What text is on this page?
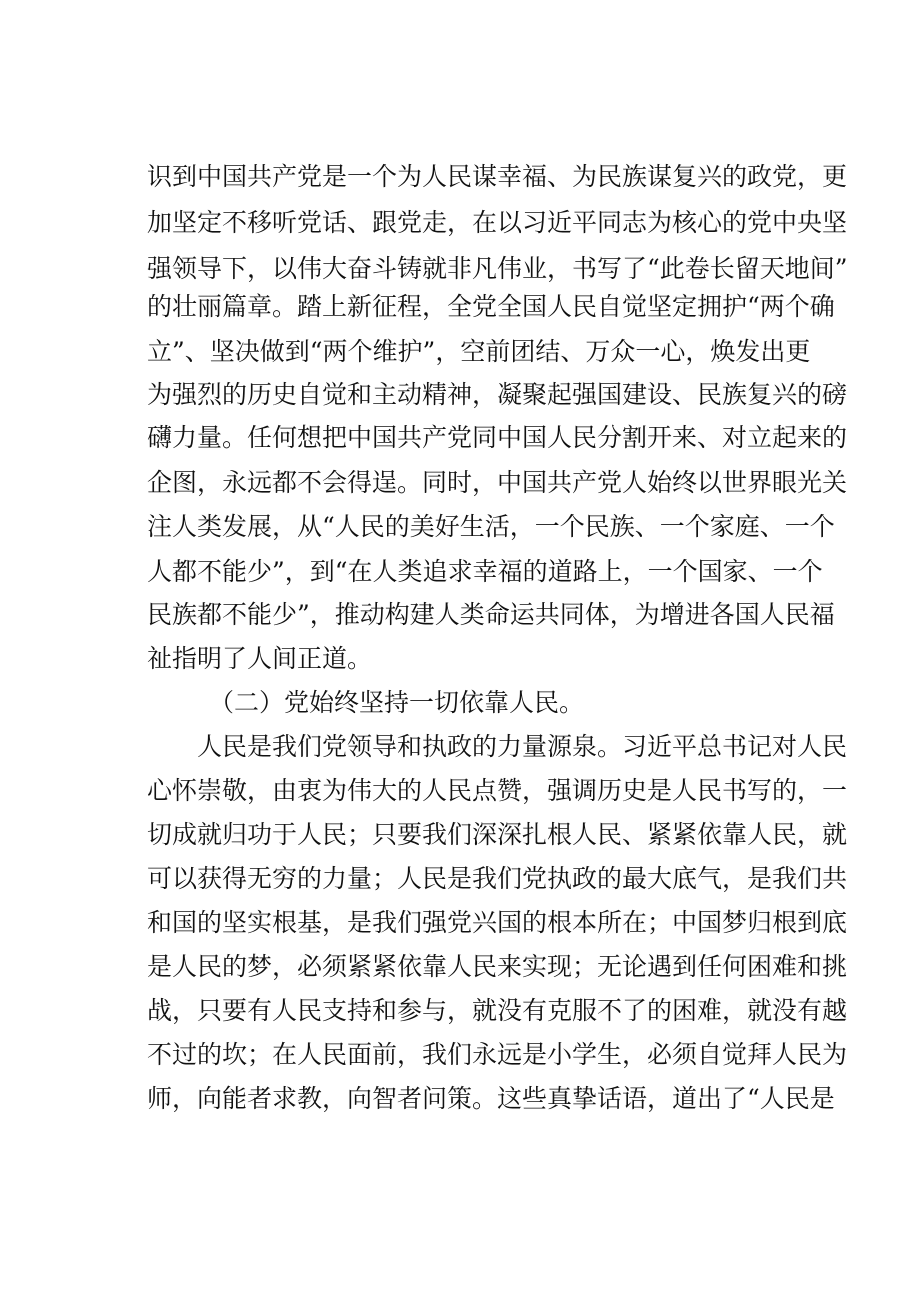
识到中国共产党是一个为人民谋幸福、为民族谋复兴的政党，更
加坚定不移听党话、跟党走，在以习近平同志为核心的党中央坚
强领导下，以伟大奋斗铸就非凡伟业，书写了“此卷长留天地间”
的壮丽篇章。踏上新征程，全党全国人民自觉坚定拥护“两个确
立”、坚决做到“两个维护”，空前团结、万众一心，焕发出更
为强烈的历史自觉和主动精神，凝聚起强国建设、民族复兴的磅
礴力量。任何想把中国共产党同中国人民分割开来、对立起来的
企图，永远都不会得逞。同时，中国共产党人始终以世界眼光关
注人类发展，从“人民的美好生活，一个民族、一个家庭、一个
人都不能少”，到“在人类追求幸福的道路上，一个国家、一个
民族都不能少”，推动构建人类命运共同体，为增进各国人民福
祉指明了人间正道。
（二）党始终坚持一切依靠人民。
人民是我们党领导和执政的力量源泉。习近平总书记对人民
心怀崇敬，由衷为伟大的人民点赞，强调历史是人民书写的，一
切成就归功于人民；只要我们深深扎根人民、紧紧依靠人民，就
可以获得无穷的力量；人民是我们党执政的最大底气，是我们共
和国的坚实根基，是我们强党兴国的根本所在；中国梦归根到底
是人民的梦，必须紧紧依靠人民来实现；无论遇到任何困难和挑
战，只要有人民支持和参与，就没有克服不了的困难，就没有越
不过的坎；在人民面前，我们永远是小学生，必须自觉拜人民为
师，向能者求教，向智者问策。这些真挚话语，道出了“人民是
